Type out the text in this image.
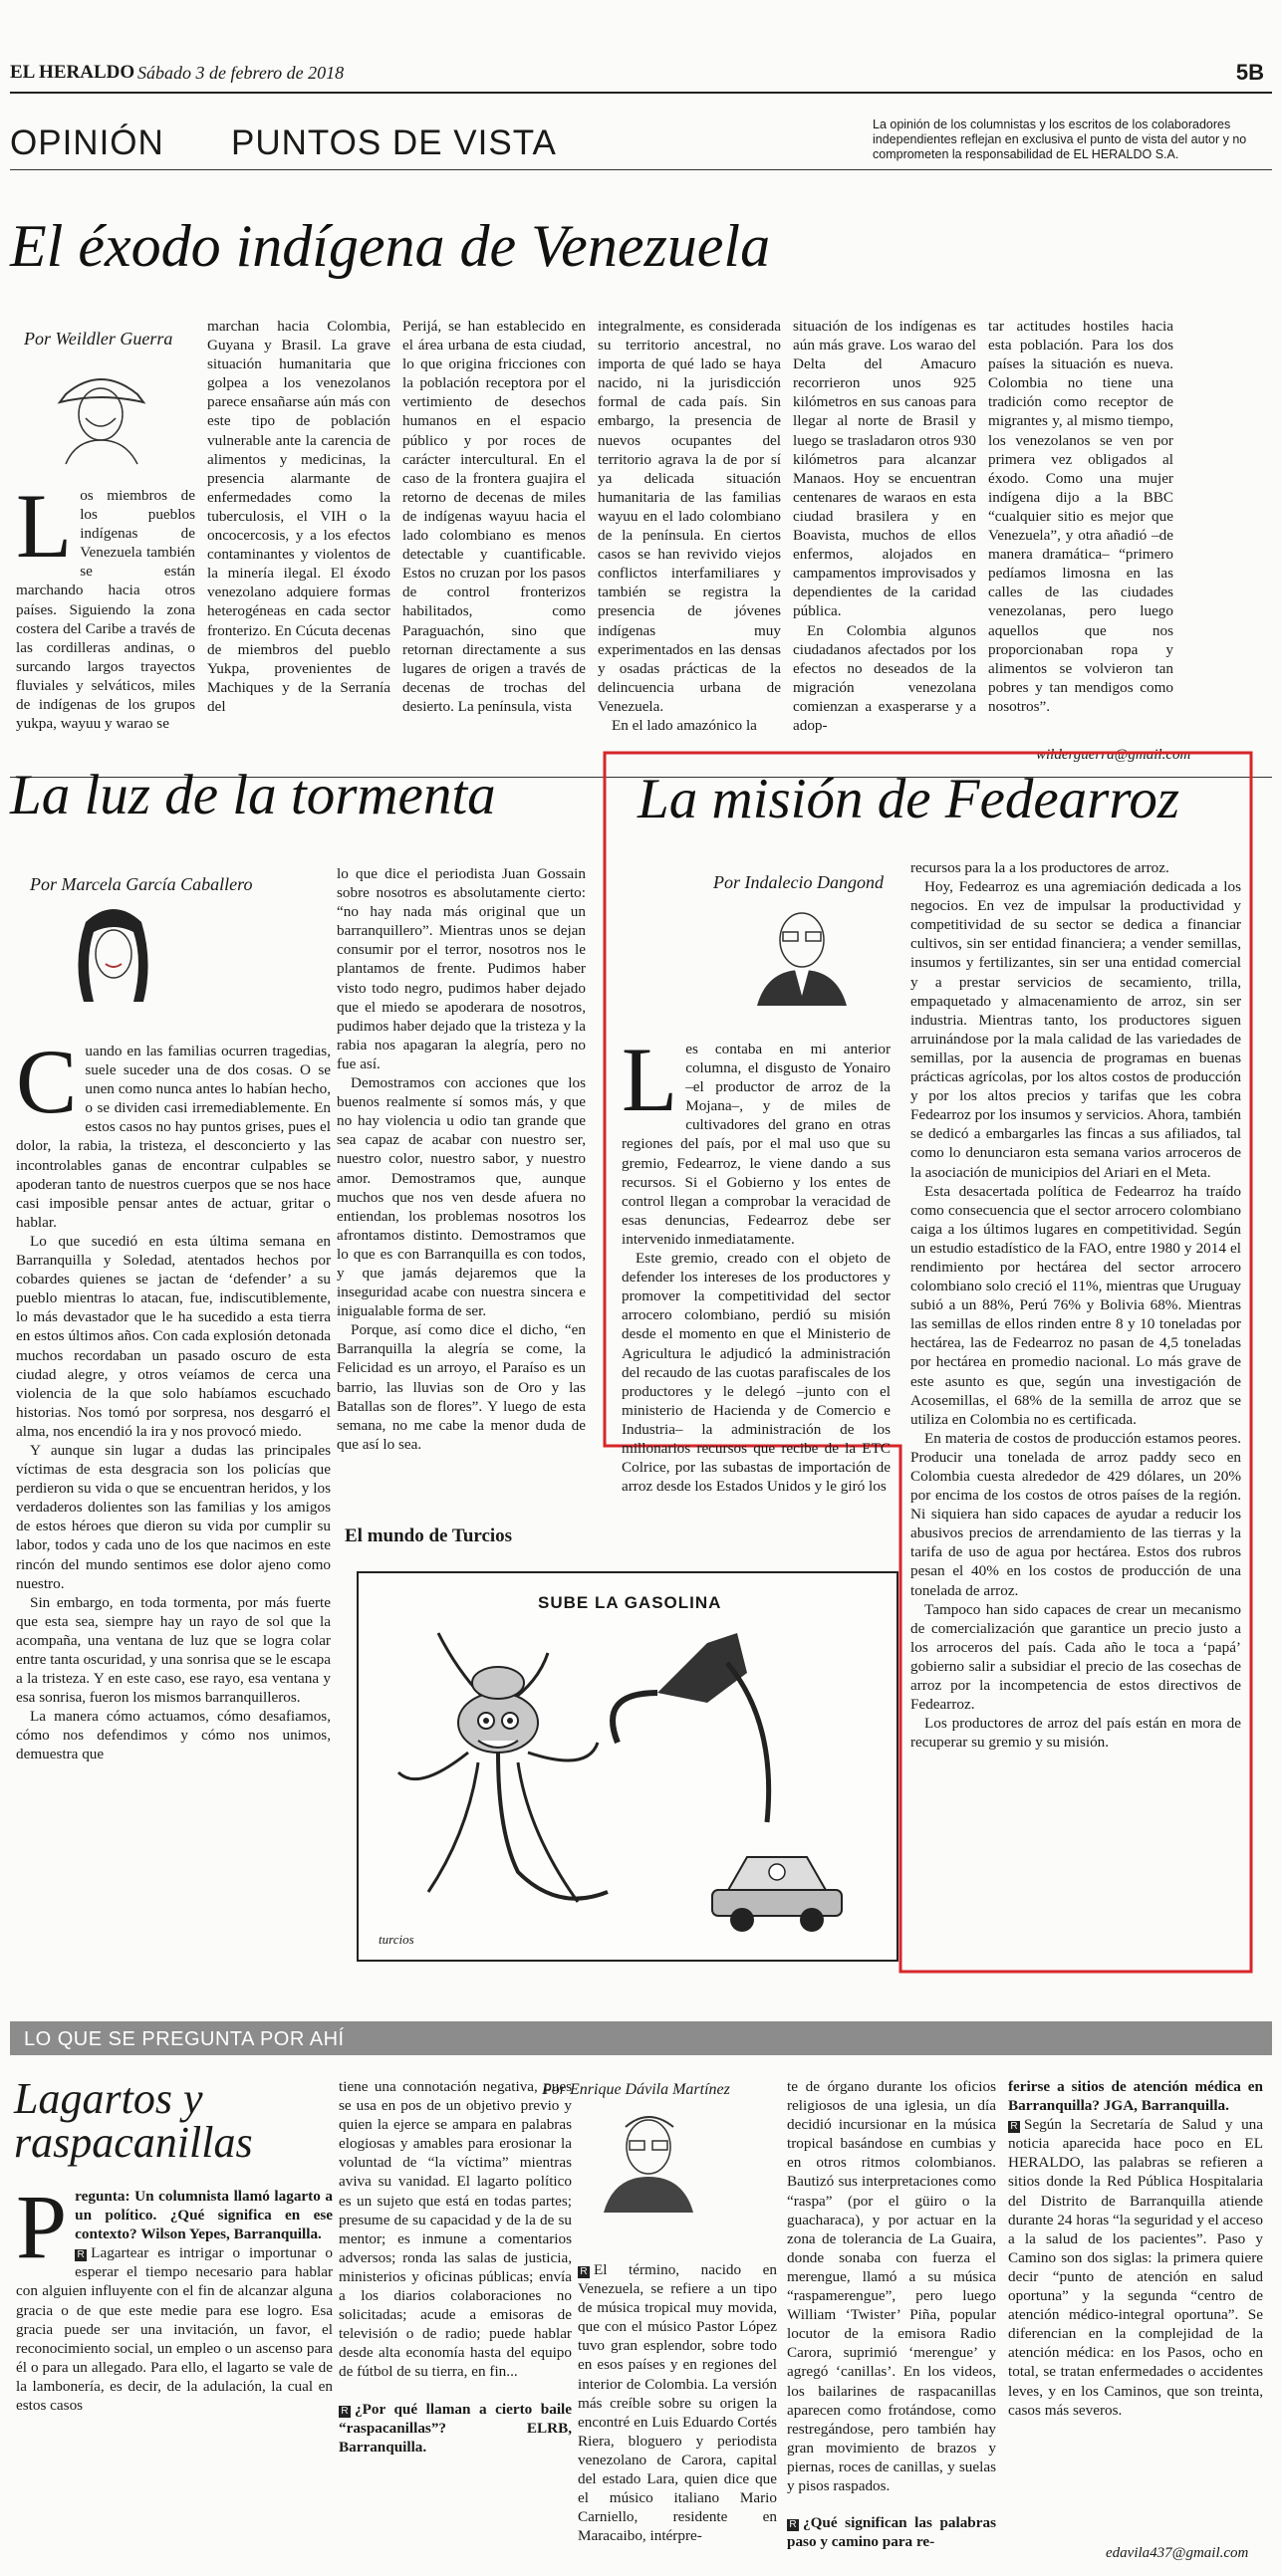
EL HERALDO Sábado 3 de febrero de 2018	5B
OPINIÓN PUNTOS DE VISTA	La opinión de los columnistas y los escritos de los colaboradores independientes reflejan en exclusiva el punto de vista del autor y no comprometen la responsabilidad de EL HERALDO S.A.
El éxodo indígena de Venezuela
Por Weildler Guerra
Los miembros de los pueblos indígenas de Venezuela también se están marchando hacia otros países. Siguiendo la zona costera del Caribe a través de las cordilleras andinas, o surcando largos trayectos fluviales y selváticos, miles de indígenas de los grupos yukpa, wayuu y warao se
marchan hacia Colombia, Guyana y Brasil. La grave situación humanitaria que golpea a los venezolanos parece ensañarse aún más con este tipo de población vulnerable ante la carencia de alimentos y medicinas, la presencia alarmante de enfermedades como la tuberculosis, el VIH o la oncocercosis, y a los efectos contaminantes y violentos de la minería ilegal. El éxodo venezolano adquiere formas heterogéneas en cada sector fronterizo. En Cúcuta decenas de miembros del pueblo Yukpa, provenientes de Machiques y de la Serranía del
Perijá, se han establecido en el área urbana de esta ciudad, lo que origina fricciones con la población receptora por el vertimiento de desechos humanos en el espacio público y por roces de carácter intercultural. En el caso de la frontera guajira el retorno de decenas de miles de indígenas wayuu hacia el lado colombiano es menos detectable y cuantificable. Estos no cruzan por los pasos de control fronterizos habilitados, como Paraguachón, sino que retornan directamente a sus lugares de origen a través de decenas de trochas del desierto. La península, vista

integralmente, es considerada su territorio ancestral, no importa de qué lado se haya nacido, ni la jurisdicción formal de cada país. Sin embargo, la presencia de nuevos ocupantes del territorio agrava la de por sí ya delicada situación humanitaria de las familias wayuu en el lado colombiano de la península. En ciertos casos se han revivido viejos conflictos interfamiliares y también se registra la presencia de jóvenes indígenas muy experimentados en las densas y osadas prácticas de la delincuencia urbana de Venezuela.

En el lado amazónico la

situación de los indígenas es aún más grave. Los warao del Delta del Amacuro recorrieron unos 925 kilómetros en sus canoas para llegar al norte de Brasil y luego se trasladaron otros 930 kilómetros para alcanzar Manaos. Hoy se encuentran centenares de waraos en esta ciudad brasilera y en Boavista, muchos de ellos enfermos, alojados en campamentos improvisados y dependientes de la caridad pública.

En Colombia algunos ciudadanos afectados por los efectos no deseados de la migración venezolana comienzan a exasperarse y a adop-

tar actitudes hostiles hacia esta población. Para los dos países la situación es nueva. Colombia no tiene una tradición como receptor de migrantes y, al mismo tiempo, los venezolanos se ven por primera vez obligados al éxodo. Como una mujer indígena dijo a la BBC “cualquier sitio es mejor que Venezuela”, y otra añadió –de manera dramática– “primero pedíamos limosna en las calles de las ciudades venezolanas, pero luego aquellos que nos proporcionaban ropa y alimentos se volvieron tan pobres y tan mendigos como nosotros”.
wilderguerra@gmail.com
La luz de la tormenta
Por Marcela García Caballero

Cuando en las familias ocurren tragedias, suele suceder una de dos cosas. O se unen como nunca antes lo habían hecho, o se dividen casi irremediablemente. En estos casos no hay puntos grises, pues el dolor, la rabia, la tristeza, el desconcierto y las incontrolables ganas de encontrar culpables se apoderan tanto de nuestros cuerpos que se nos hace casi imposible pensar antes de actuar, gritar o hablar.

Lo que sucedió en esta última semana en Barranquilla y Soledad, atentados hechos por cobardes quienes se jactan de ‘defender’ a su pueblo mientras lo atacan, fue, indiscutiblemente, lo más devastador que le ha sucedido a esta tierra en estos últimos años. Con cada explosión detonada muchos recordaban un pasado oscuro de esta ciudad alegre, y otros veíamos de cerca una violencia de la que solo habíamos escuchado historias. Nos tomó por sorpresa, nos desgarró el alma, nos encendió la ira y nos provocó miedo.

Y aunque sin lugar a dudas las principales víctimas de esta desgracia son los policías que perdieron su vida o que se encuentran heridos, y los verdaderos dolientes son las familias y los amigos de estos héroes que dieron su vida por cumplir su labor, todos y cada uno de los que nacimos en este rincón del mundo sentimos ese dolor ajeno como nuestro.

Sin embargo, en toda tormenta, por más fuerte que esta sea, siempre hay un rayo de sol que la acompaña, una ventana de luz que se logra colar entre tanta oscuridad, y una sonrisa que se le escapa a la tristeza. Y en este caso, ese rayo, esa ventana y esa sonrisa, fueron los mismos barranquilleros.

La manera cómo actuamos, cómo desafiamos, cómo nos defendimos y cómo nos unimos, demuestra que

lo que dice el periodista Juan Gossain sobre nosotros es absolutamente cierto: “no hay nada más original que un barranquillero”. Mientras unos se dejan consumir por el terror, nosotros nos le plantamos de frente. Pudimos haber visto todo negro, pudimos haber dejado que el miedo se apoderara de nosotros, pudimos haber dejado que la tristeza y la rabia nos apagaran la alegría, pero no fue así.

Demostramos con acciones que los buenos realmente sí somos más, y que no hay violencia u odio tan grande que sea capaz de acabar con nuestro ser, nuestro color, nuestro sabor, y nuestro amor. Demostramos que, aunque muchos que nos ven desde afuera no entiendan, los problemas nosotros los afrontamos distinto. Demostramos que lo que es con Barranquilla es con todos, y que jamás dejaremos que la inseguridad acabe con nuestra sincera e inigualable forma de ser.

Porque, así como dice el dicho, “en Barranquilla la alegría se come, la Felicidad es un arroyo, el Paraíso es un barrio, las lluvias son de Oro y las Batallas son de flores”. Y luego de esta semana, no me cabe la menor duda de que así lo sea.

El mundo de Turcios
SUBE LA GASOLINA
turcios
La misión de Fedearroz
Por Indalecio Dangond

Les contaba en mi anterior columna, el disgusto de Yonairo –el productor de arroz de la Mojana–, y de miles de cultivadores del grano en otras regiones del país, por el mal uso que su gremio, Fedearroz, le viene dando a sus recursos. Si el Gobierno y los entes de control llegan a comprobar la veracidad de esas denuncias, Fedearroz debe ser intervenido inmediatamente.

Este gremio, creado con el objeto de defender los intereses de los productores y promover la competitividad del sector arrocero colombiano, perdió su misión desde el momento en que el Ministerio de Agricultura le adjudicó la administración del recaudo de las cuotas parafiscales de los productores y le delegó –junto con el ministerio de Hacienda y de Comercio e Industria– la administración de los millonarios recursos que recibe de la ETC Colrice, por las subastas de importación de arroz desde los Estados Unidos y le giró los

recursos para la a los productores de arroz.

Hoy, Fedearroz es una agremiación dedicada a los negocios. En vez de impulsar la productividad y competitividad de su sector se dedica a financiar cultivos, sin ser entidad financiera; a vender semillas, insumos y fertilizantes, sin ser una entidad comercial y a prestar servicios de secamiento, trilla, empaquetado y almacenamiento de arroz, sin ser industria. Mientras tanto, los productores siguen arruinándose por la mala calidad de las variedades de semillas, por la ausencia de programas en buenas prácticas agrícolas, por los altos costos de producción y por los altos precios y tarifas que les cobra Fedearroz por los insumos y servicios. Ahora, también se dedicó a embargarles las fincas a sus afiliados, tal como lo denunciaron esta semana varios arroceros de la asociación de municipios del Ariari en el Meta.

Esta desacertada política de Fedearroz ha traído como consecuencia que el sector arrocero colombiano caiga a los últimos lugares en competitividad. Según un estudio estadístico de la FAO, entre 1980 y 2014 el rendimiento por hectárea del sector arrocero colombiano solo creció el 11%, mientras que Uruguay subió a un 88%, Perú 76% y Bolivia 68%. Mientras las semillas de ellos rinden entre 8 y 10 toneladas por hectárea, las de Fedearroz no pasan de 4,5 toneladas por hectárea en promedio nacional. Lo más grave de este asunto es que, según una investigación de Acosemillas, el 68% de la semilla de arroz que se utiliza en Colombia no es certificada.

En materia de costos de producción estamos peores. Producir una tonelada de arroz paddy seco en Colombia cuesta alrededor de 429 dólares, un 20% por encima de los costos de otros países de la región. Ni siquiera han sido capaces de ayudar a reducir los abusivos precios de arrendamiento de las tierras y la tarifa de uso de agua por hectárea. Estos dos rubros pesan el 40% en los costos de producción de una tonelada de arroz.

Tampoco han sido capaces de crear un mecanismo de comercialización que garantice un precio justo a los arroceros del país. Cada año le toca a ‘papá’ gobierno salir a subsidiar el precio de las cosechas de arroz por la incompetencia de estos directivos de Fedearroz.

Los productores de arroz del país están en mora de recuperar su gremio y su misión.

LO QUE SE PREGUNTA POR AHÍ
Lagartos y raspacanillas

Pregunta: Un columnista llamó lagarto a un político. ¿Qué significa en ese contexto? Wilson Yepes, Barranquilla.

R Lagartear es intrigar o importunar o esperar el tiempo necesario para hablar con alguien influyente con el fin de alcanzar alguna gracia o de que este medie para ese logro. Esa gracia puede ser una invitación, un favor, el reconocimiento social, un empleo o un ascenso para él o para un allegado. Para ello, el lagarto se vale de la lambonería, es decir, de la adulación, la cual en estos casos

tiene una connotación negativa, pues se usa en pos de un objetivo previo y quien la ejerce se ampara en palabras elogiosas y amables para erosionar la voluntad de “la víctima” mientras aviva su vanidad. El lagarto político es un sujeto que está en todas partes; presume de su capacidad y de la de su mentor; es inmune a comentarios adversos; ronda las salas de justicia, ministerios y oficinas públicas; envía a los diarios colaboraciones no solicitadas; acude a emisoras de televisión o de radio; puede hablar desde alta economía hasta del equipo de fútbol de su tierra, en fin...

R ¿Por qué llaman a cierto baile “raspacanillas”? ELRB, Barranquilla.

Por Enrique Dávila Martínez

R El término, nacido en Venezuela, se refiere a un tipo de música tropical muy movida, que con el músico Pastor López tuvo gran esplendor, sobre todo en esos países y en regiones del interior de Colombia. La versión más creíble sobre su origen la encontré en Luis Eduardo Cortés Riera, bloguero y periodista venezolano de Carora, capital del estado Lara, quien dice que el músico italiano Mario Carniello, residente en Maracaibo, intérpre-

te de órgano durante los oficios religiosos de una iglesia, un día decidió incursionar en la música tropical basándose en cumbias y en otros ritmos colombianos. Bautizó sus interpretaciones como “raspa” (por el güiro o la guacharaca), y por actuar en la zona de tolerancia de La Guaira, donde sonaba con fuerza el merengue, llamó a su música “raspamerengue”, pero luego William ‘Twister’ Piña, popular locutor de la emisora Radio Carora, suprimió ‘merengue’ y agregó ‘canillas’. En los videos, los bailarines de raspacanillas aparecen como frotándose, como restregándose, pero también hay gran movimiento de brazos y piernas, roces de canillas, y suelas y pisos raspados.

R ¿Qué significan las palabras paso y camino para re-

ferirse a sitios de atención médica en Barranquilla? JGA, Barranquilla.

R Según la Secretaría de Salud y una noticia aparecida hace poco en EL HERALDO, las palabras se refieren a sitios donde la Red Pública Hospitalaria del Distrito de Barranquilla atiende durante 24 horas “la seguridad y el acceso a la salud de los pacientes”. Paso y Camino son dos siglas: la primera quiere decir “punto de atención en salud oportuna” y la segunda “centro de atención médico-integral oportuna”. Se diferencian en la complejidad de la atención médica: en los Pasos, ocho en total, se tratan enfermedades o accidentes leves, y en los Caminos, que son treinta, casos más severos.

edavila437@gmail.com
